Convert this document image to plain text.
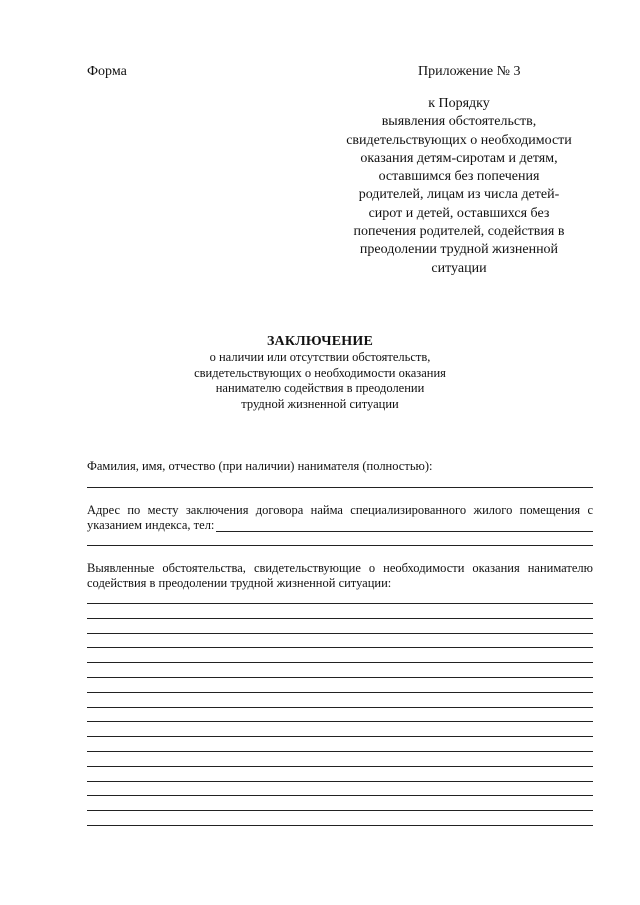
Форма	Приложение № 3
к Порядку
выявления обстоятельств,
свидетельствующих о необходимости
оказания детям-сиротам и детям,
оставшимся без попечения
родителей, лицам из числа детей-
сирот и детей, оставшихся без
попечения родителей, содействия в
преодолении трудной жизненной
ситуации
ЗАКЛЮЧЕНИЕ
о наличии или отсутствии обстоятельств,
свидетельствующих о необходимости оказания
нанимателю содействия в преодолении
трудной жизненной ситуации
Фамилия, имя, отчество (при наличии) нанимателя (полностью):
Адрес по месту заключения договора найма специализированного жилого помещения с
указанием индекса, тел:
Выявленные обстоятельства, свидетельствующие о необходимости оказания нанимателю
содействия в преодолении трудной жизненной ситуации:
